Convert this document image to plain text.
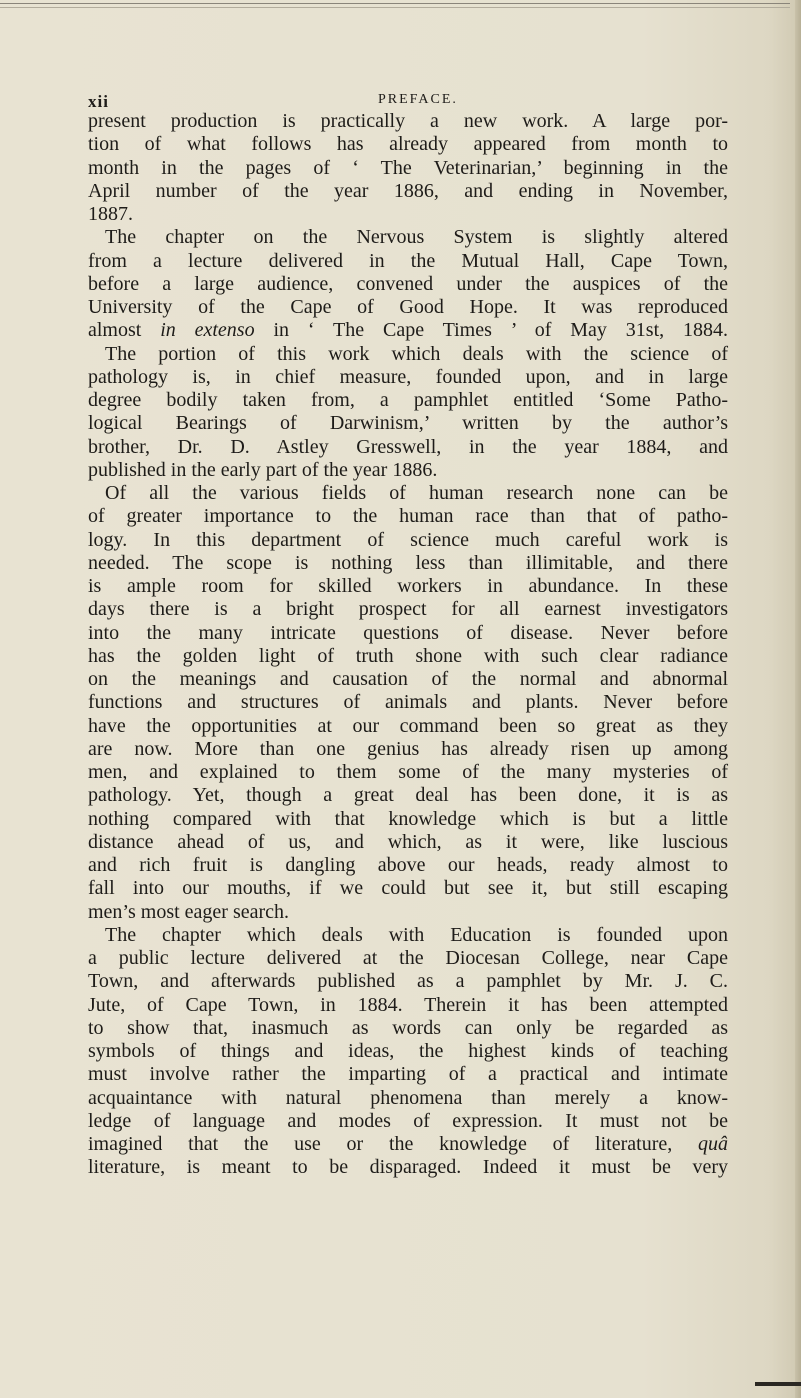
xii	PREFACE.
present production is practically a new work. A large por-
tion of what follows has already appeared from month to
month in the pages of ‘ The Veterinarian,’ beginning in the
April number of the year 1886, and ending in November,
1887.
The chapter on the Nervous System is slightly altered
from a lecture delivered in the Mutual Hall, Cape Town,
before a large audience, convened under the auspices of the
University of the Cape of Good Hope. It was reproduced
almost in extenso in ‘ The Cape Times ’ of May 31st, 1884.
The portion of this work which deals with the science of
pathology is, in chief measure, founded upon, and in large
degree bodily taken from, a pamphlet entitled ‘Some Patho-
logical Bearings of Darwinism,’ written by the author’s
brother, Dr. D. Astley Gresswell, in the year 1884, and
published in the early part of the year 1886.
Of all the various fields of human research none can be
of greater importance to the human race than that of patho-
logy. In this department of science much careful work is
needed. The scope is nothing less than illimitable, and there
is ample room for skilled workers in abundance. In these
days there is a bright prospect for all earnest investigators
into the many intricate questions of disease. Never before
has the golden light of truth shone with such clear radiance
on the meanings and causation of the normal and abnormal
functions and structures of animals and plants. Never before
have the opportunities at our command been so great as they
are now. More than one genius has already risen up among
men, and explained to them some of the many mysteries of
pathology. Yet, though a great deal has been done, it is as
nothing compared with that knowledge which is but a little
distance ahead of us, and which, as it were, like luscious
and rich fruit is dangling above our heads, ready almost to
fall into our mouths, if we could but see it, but still escaping
men’s most eager search.
The chapter which deals with Education is founded upon
a public lecture delivered at the Diocesan College, near Cape
Town, and afterwards published as a pamphlet by Mr. J. C.
Jute, of Cape Town, in 1884. Therein it has been attempted
to show that, inasmuch as words can only be regarded as
symbols of things and ideas, the highest kinds of teaching
must involve rather the imparting of a practical and intimate
acquaintance with natural phenomena than merely a know-
ledge of language and modes of expression. It must not be
imagined that the use or the knowledge of literature, quâ
literature, is meant to be disparaged. Indeed it must be very
